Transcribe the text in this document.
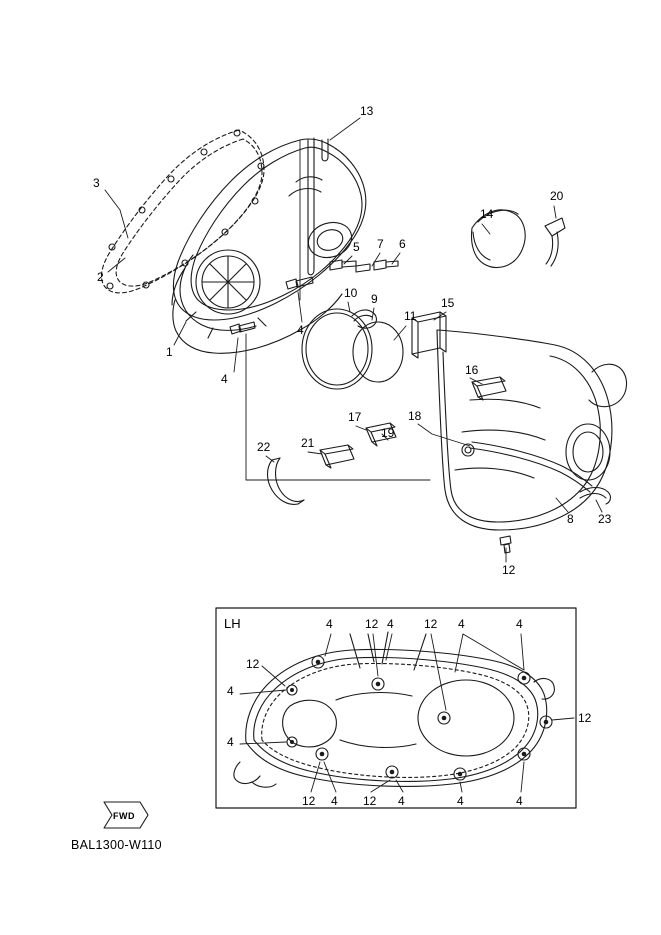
13
3
14
20
5 7 6
2
10 9
11
15
4
1
4
16
17	18
19
21
22
8 23
12
4	12 4	12 4	4
12
4
12
4
12 4 12 4	4	4
LH
FWD
BAL1300-W110
